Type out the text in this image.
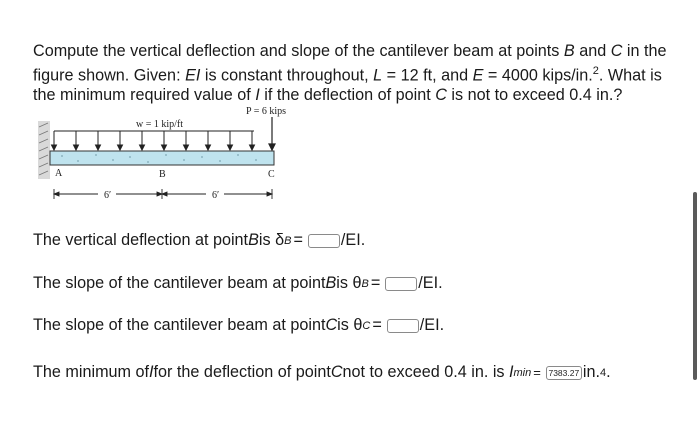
Compute the vertical deflection and slope of the cantilever beam at points B and C in the figure shown. Given: EI is constant throughout, L = 12 ft, and E = 4000 kips/in.$^2$. What is the minimum required value of I if the deflection of point C is not to exceed 0.4 in.?

w = 1 kip/ft
P = 6 kips
A	B	C
6′	6′
The vertical deflection at point B is
δ B = /EI.
The slope of the cantilever beam at point B is
θ B = /EI.
The slope of the cantilever beam at point C is
θ C = /EI.
The minimum of I for the deflection of point C not to exceed 0.4 in. is
I min = 7383.27 in. 4 .
